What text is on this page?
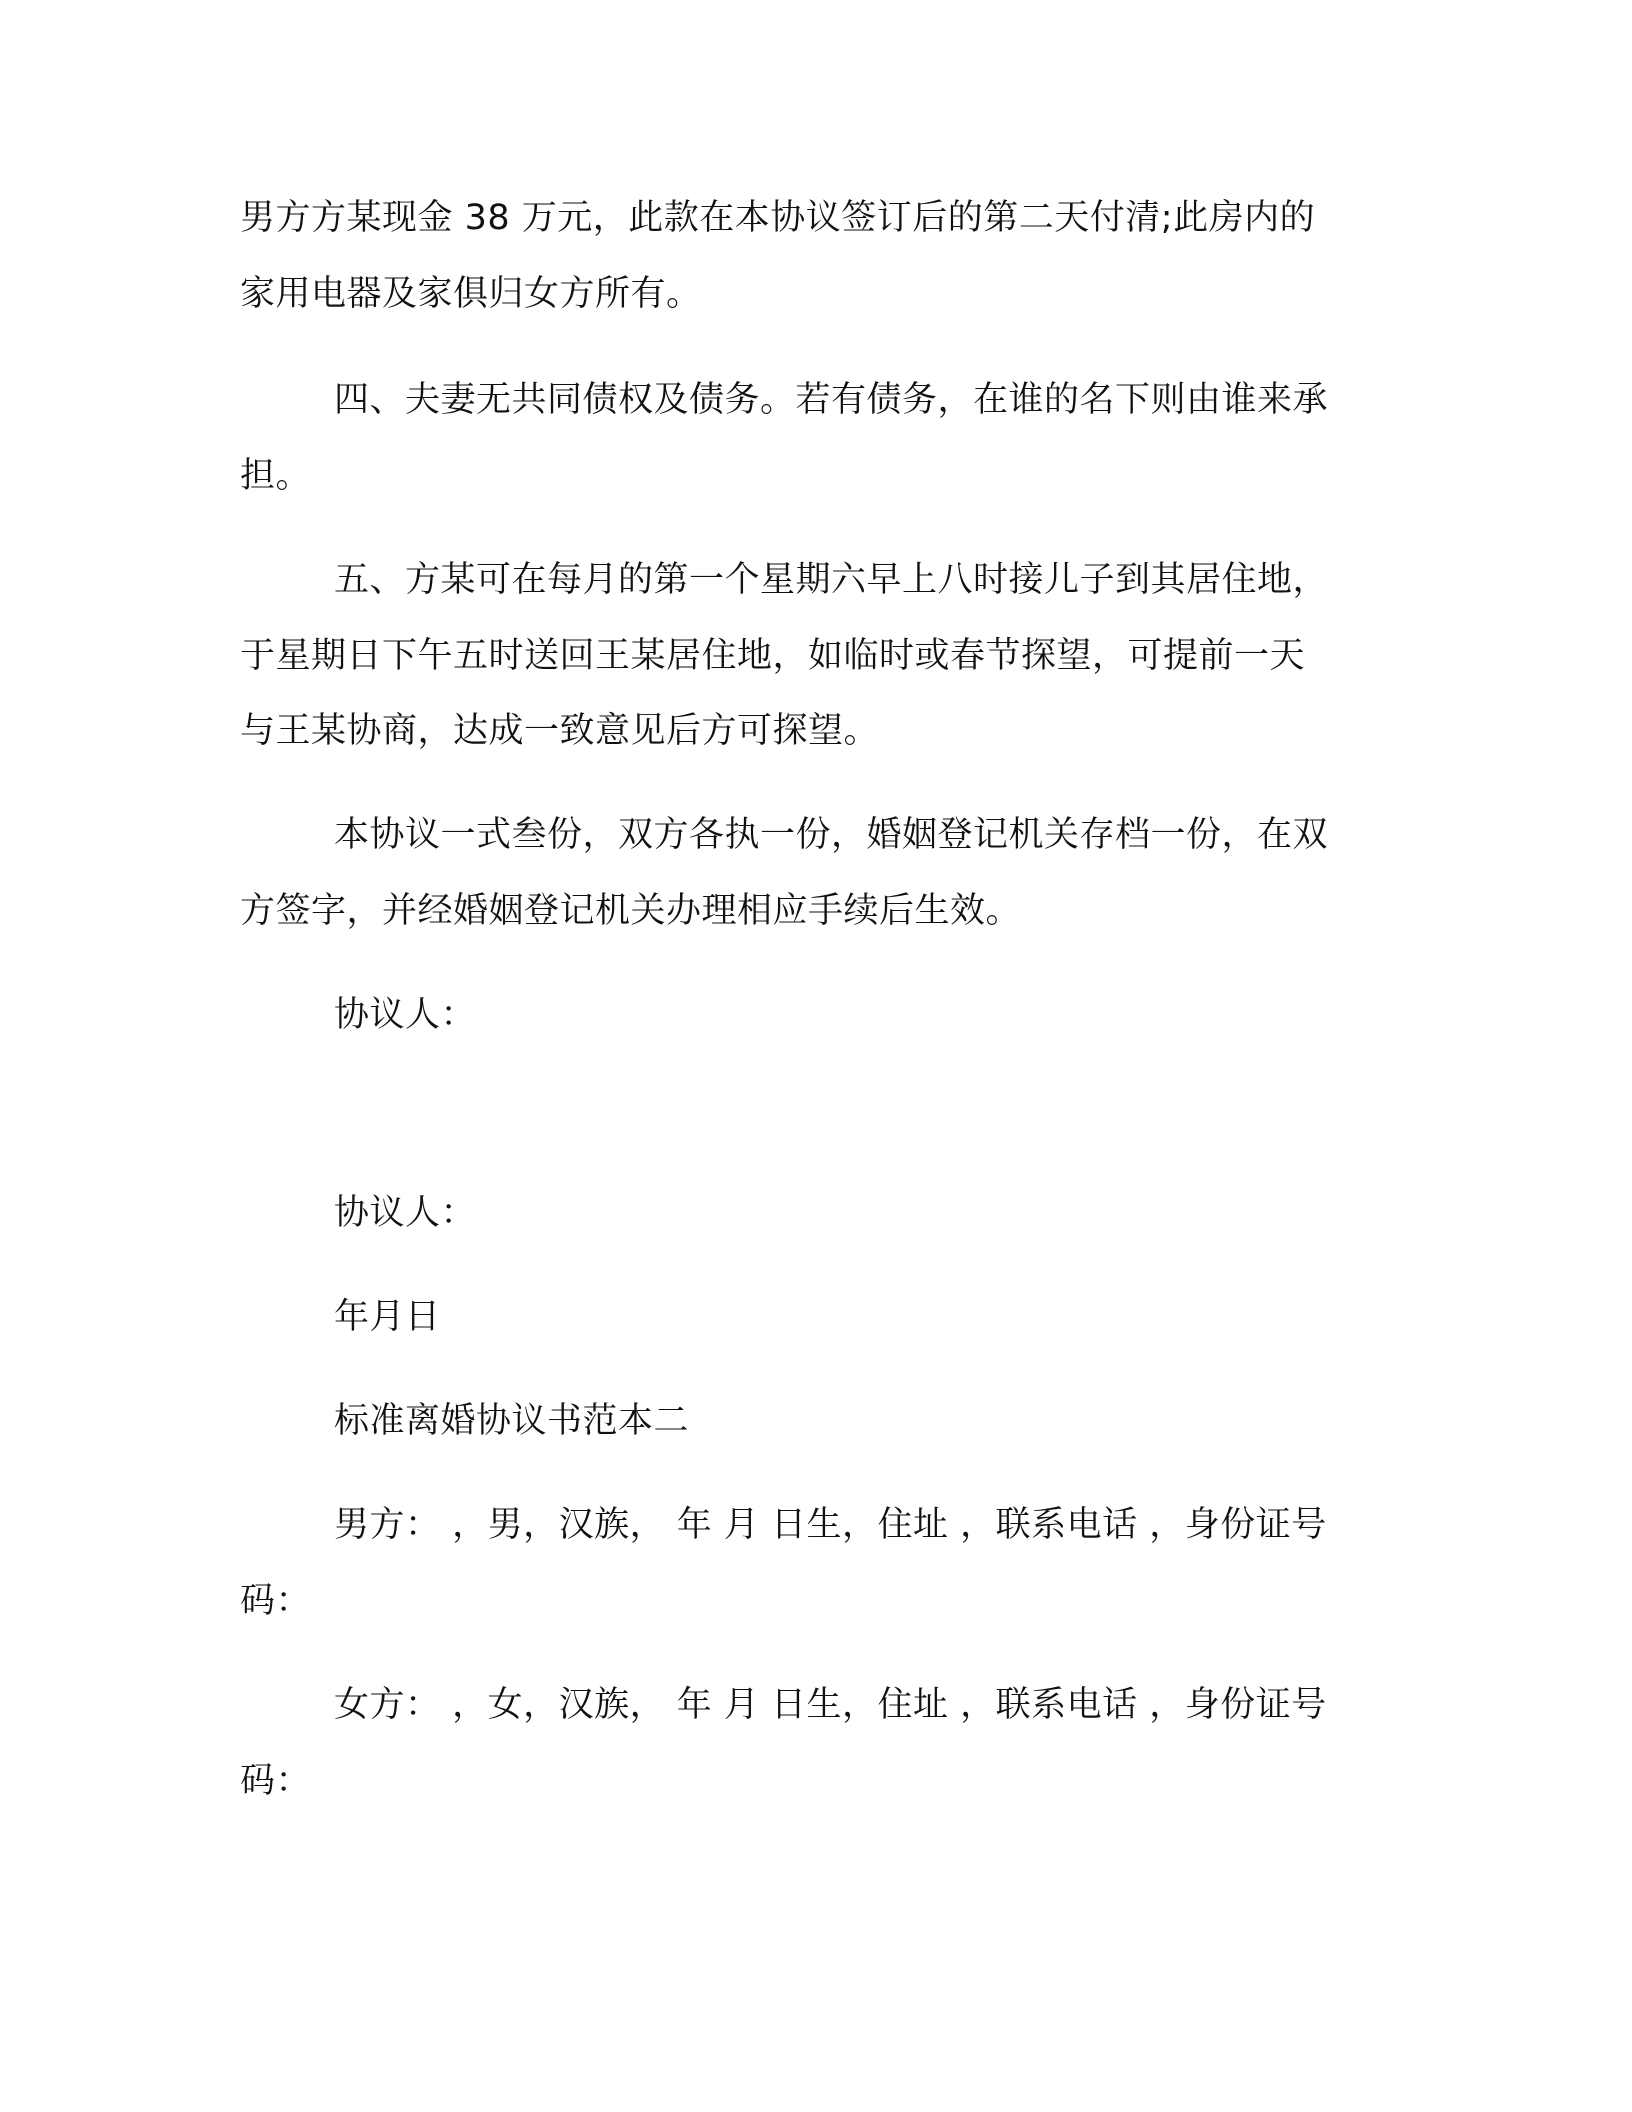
男方方某现金 38 万元，此款在本协议签订后的第二天付清;此房内的
家用电器及家俱归女方所有。
四、夫妻无共同债权及债务。若有债务，在谁的名下则由谁来承
担。
五、方某可在每月的第一个星期六早上八时接儿子到其居住地，
于星期日下午五时送回王某居住地，如临时或春节探望，可提前一天
与王某协商，达成一致意见后方可探望。
本协议一式叁份，双方各执一份，婚姻登记机关存档一份，在双
方签字，并经婚姻登记机关办理相应手续后生效。
协议人：
协议人：
年月日
标准离婚协议书范本二
男方： ，男，汉族， 年 月 日生，住址 ，联系电话 ，身份证号
码：
女方： ，女，汉族， 年 月 日生，住址 ，联系电话 ，身份证号
码：
